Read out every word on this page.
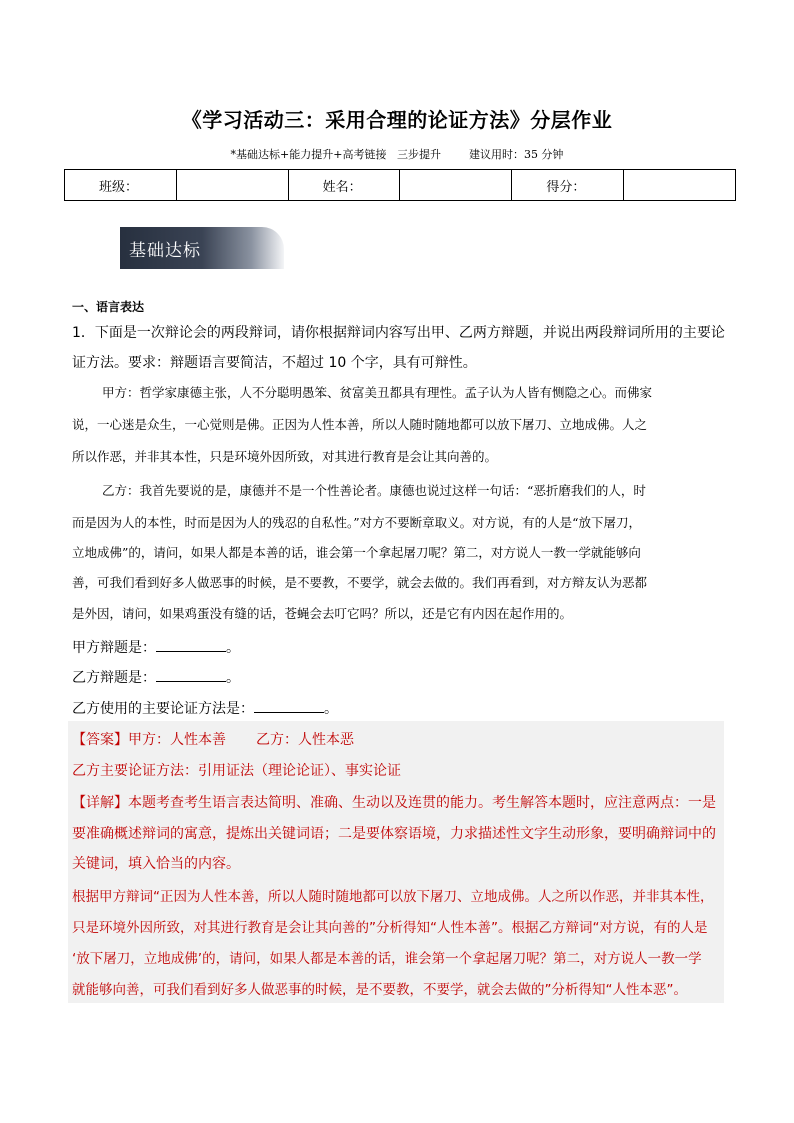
《学习活动三：采用合理的论证方法》分层作业
*基础达标+能力提升+高考链接   三步提升        建议用时：35 分钟
班级：		姓名：		得分：	
基础达标
一、语言表达
1．下面是一次辩论会的两段辩词，请你根据辩词内容写出甲、乙两方辩题，并说出两段辩词所用的主要论
证方法。要求：辩题语言要简洁，不超过 10 个字，具有可辩性。
甲方：哲学家康德主张，人不分聪明愚笨、贫富美丑都具有理性。孟子认为人皆有恻隐之心。而佛家
说，一心迷是众生，一心觉则是佛。正因为人性本善，所以人随时随地都可以放下屠刀、立地成佛。人之
所以作恶，并非其本性，只是环境外因所致，对其进行教育是会让其向善的。
乙方：我首先要说的是，康德并不是一个性善论者。康德也说过这样一句话：“恶折磨我们的人，时
而是因为人的本性，时而是因为人的残忍的自私性。”对方不要断章取义。对方说，有的人是“放下屠刀，
立地成佛”的，请问，如果人都是本善的话，谁会第一个拿起屠刀呢？第二，对方说人一教一学就能够向
善，可我们看到好多人做恶事的时候，是不要教，不要学，就会去做的。我们再看到，对方辩友认为恶都
是外因，请问，如果鸡蛋没有缝的话，苍蝇会去叮它吗？所以，还是它有内因在起作用的。
甲方辩题是：	。
乙方辩题是：	。
乙方使用的主要论证方法是：	。
【答案】甲方：人性本善 乙方：人性本恶
乙方主要论证方法：引用证法（理论论证）、事实论证
【详解】本题考查考生语言表达简明、准确、生动以及连贯的能力。考生解答本题时，应注意两点：一是
要准确概述辩词的寓意，提炼出关键词语；二是要体察语境，力求描述性文字生动形象，要明确辩词中的
关键词，填入恰当的内容。
根据甲方辩词“正因为人性本善，所以人随时随地都可以放下屠刀、立地成佛。人之所以作恶，并非其本性，
只是环境外因所致，对其进行教育是会让其向善的”分析得知“人性本善”。根据乙方辩词“对方说，有的人是
‘放下屠刀，立地成佛’的，请问，如果人都是本善的话，谁会第一个拿起屠刀呢？第二，对方说人一教一学
就能够向善，可我们看到好多人做恶事的时候，是不要教，不要学，就会去做的”分析得知“人性本恶”。
